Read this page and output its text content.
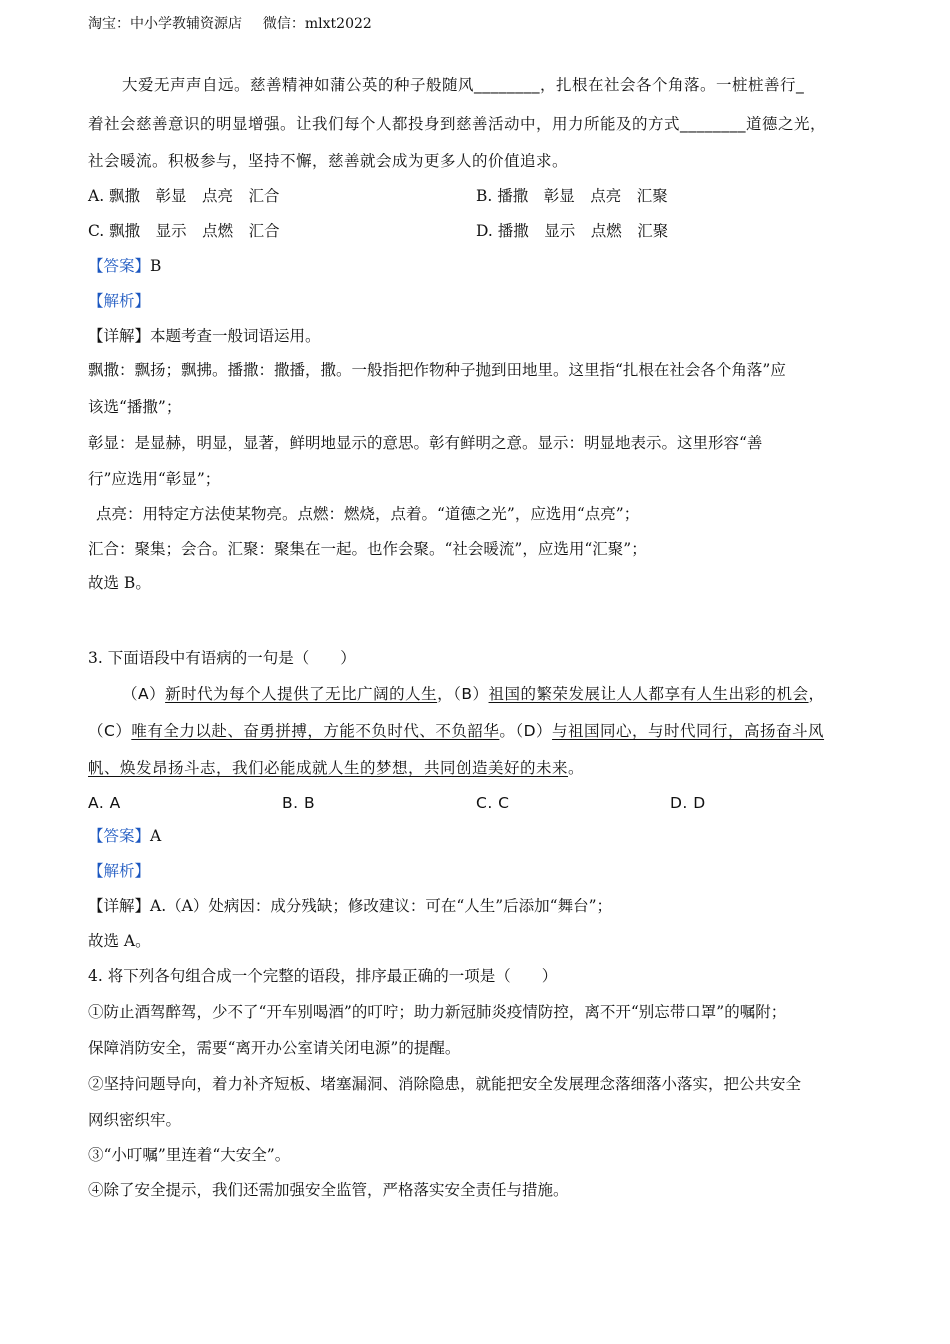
淘宝：中小学教辅资源店 微信：mlxt2022
大爱无声声自远。慈善精神如蒲公英的种子般随风________，扎根在社会各个角落。一桩桩善行_
着社会慈善意识的明显增强。让我们每个人都投身到慈善活动中，用力所能及的方式________道德之光，
社会暖流。积极参与，坚持不懈，慈善就会成为更多人的价值追求。
A. 飘撒　彰显　点亮　汇合	B. 播撒　彰显　点亮　汇聚
C. 飘撒　显示　点燃　汇合	D. 播撒　显示　点燃　汇聚
【答案】B
【解析】
【详解】本题考查一般词语运用。
飘撒：飘扬；飘拂。播撒：撒播，撒。一般指把作物种子抛到田地里。这里指“扎根在社会各个角落”应
该选“播撒”；
彰显：是显赫，明显，显著，鲜明地显示的意思。彰有鲜明之意。显示：明显地表示。这里形容“善
行”应选用“彰显”；
点亮：用特定方法使某物亮。点燃：燃烧，点着。“道德之光”，应选用“点亮”；
汇合：聚集；会合。汇聚：聚集在一起。也作会聚。“社会暖流”，应选用“汇聚”；
故选 B。
3. 下面语段中有语病的一句是（　　）
（A）新时代为每个人提供了无比广阔的人生，（B）祖国的繁荣发展让人人都享有人生出彩的机会，
（C）唯有全力以赴、奋勇拼搏，方能不负时代、不负韶华。（D）与祖国同心，与时代同行，高扬奋斗风
帆、焕发昂扬斗志，我们必能成就人生的梦想，共同创造美好的未来。
A. A	B. B	C. C	D. D
【答案】A
【解析】
【详解】A.（A）处病因：成分残缺；修改建议：可在“人生”后添加“舞台”；
故选 A。
4. 将下列各句组合成一个完整的语段，排序最正确的一项是（　　）
①防止酒驾醉驾，少不了“开车别喝酒”的叮咛；助力新冠肺炎疫情防控，离不开“别忘带口罩”的嘱附；
保障消防安全，需要“离开办公室请关闭电源”的提醒。
②坚持问题导向，着力补齐短板、堵塞漏洞、消除隐患，就能把安全发展理念落细落小落实，把公共安全
网织密织牢。
③“小叮嘱”里连着“大安全”。
④除了安全提示，我们还需加强安全监管，严格落实安全责任与措施。
